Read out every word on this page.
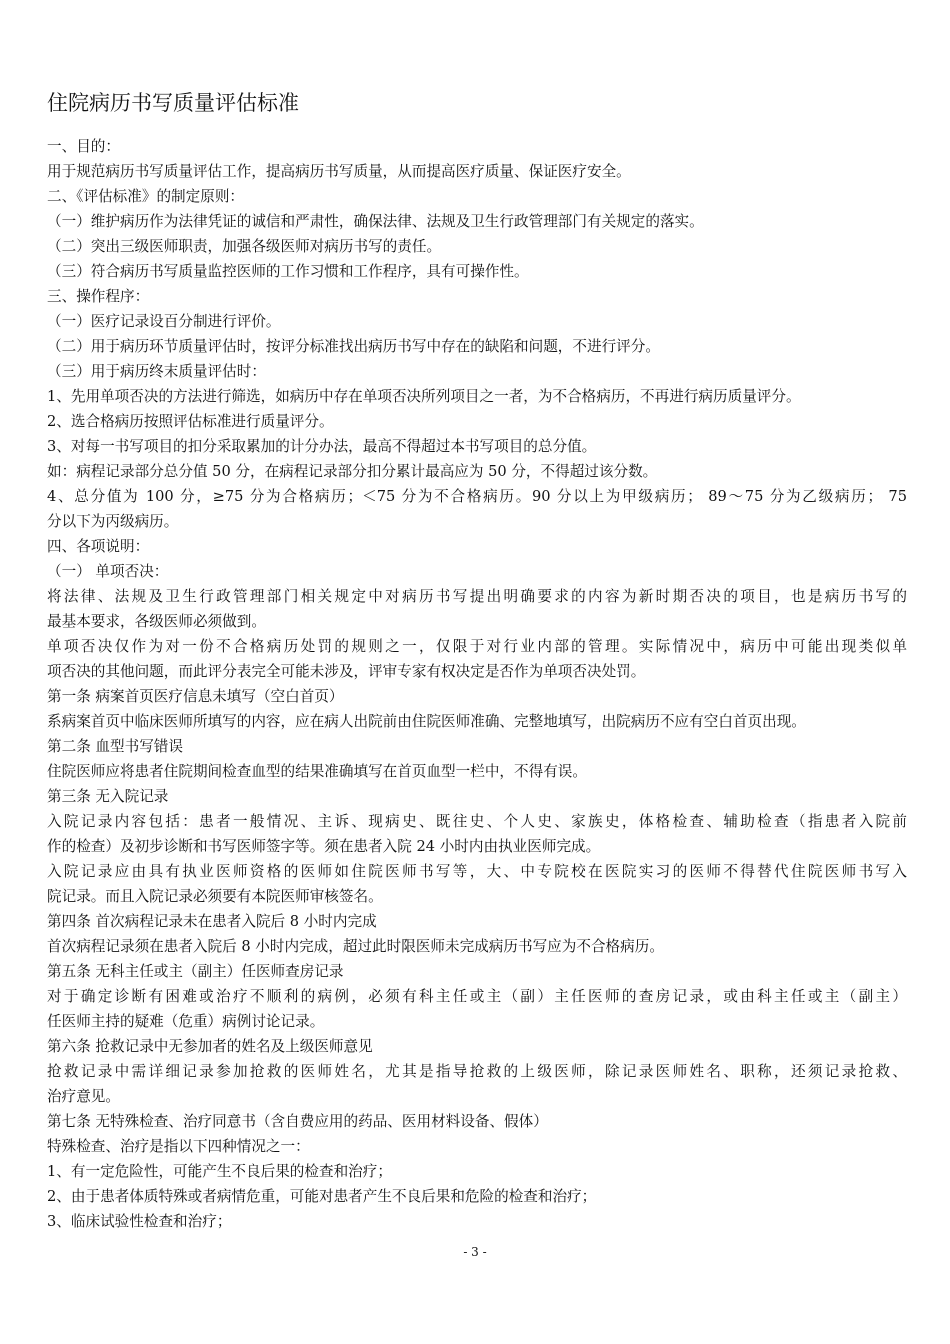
住院病历书写质量评估标准
一、目的：
用于规范病历书写质量评估工作，提高病历书写质量，从而提高医疗质量、保证医疗安全。
二、《评估标准》的制定原则：
（一）维护病历作为法律凭证的诚信和严肃性，确保法律、法规及卫生行政管理部门有关规定的落实。
（二）突出三级医师职责，加强各级医师对病历书写的责任。
（三）符合病历书写质量监控医师的工作习惯和工作程序，具有可操作性。
三、操作程序：
（一）医疗记录设百分制进行评价。
（二）用于病历环节质量评估时，按评分标准找出病历书写中存在的缺陷和问题，不进行评分。
（三）用于病历终末质量评估时：
1、先用单项否决的方法进行筛选，如病历中存在单项否决所列项目之一者，为不合格病历，不再进行病历质量评分。
2、选合格病历按照评估标准进行质量评分。
3、对每一书写项目的扣分采取累加的计分办法，最高不得超过本书写项目的总分值。
如：病程记录部分总分值 50 分，在病程记录部分扣分累计最高应为 50 分，不得超过该分数。
4、总分值为 100 分，≥75 分为合格病历；＜75 分为不合格病历。90 分以上为甲级病历； 89～75 分为乙级病历； 75
分以下为丙级病历。
四、各项说明：
（一） 单项否决：
将法律、法规及卫生行政管理部门相关规定中对病历书写提出明确要求的内容为新时期否决的项目，也是病历书写的
最基本要求，各级医师必须做到。
单项否决仅作为对一份不合格病历处罚的规则之一，仅限于对行业内部的管理。实际情况中，病历中可能出现类似单
项否决的其他问题，而此评分表完全可能未涉及，评审专家有权决定是否作为单项否决处罚。
第一条 病案首页医疗信息未填写（空白首页）
系病案首页中临床医师所填写的内容，应在病人出院前由住院医师准确、完整地填写，出院病历不应有空白首页出现。
第二条 血型书写错误
住院医师应将患者住院期间检查血型的结果准确填写在首页血型一栏中，不得有误。
第三条 无入院记录
入院记录内容包括：患者一般情况、主诉、现病史、既往史、个人史、家族史，体格检查、辅助检查（指患者入院前
作的检查）及初步诊断和书写医师签字等。须在患者入院 24 小时内由执业医师完成。
入院记录应由具有执业医师资格的医师如住院医师书写等，大、中专院校在医院实习的医师不得替代住院医师书写入
院记录。而且入院记录必须要有本院医师审核签名。
第四条 首次病程记录未在患者入院后 8 小时内完成
首次病程记录须在患者入院后 8 小时内完成，超过此时限医师未完成病历书写应为不合格病历。
第五条 无科主任或主（副主）任医师查房记录
对于确定诊断有困难或治疗不顺利的病例，必须有科主任或主（副）主任医师的查房记录，或由科主任或主（副主）
任医师主持的疑难（危重）病例讨论记录。
第六条 抢救记录中无参加者的姓名及上级医师意见
抢救记录中需详细记录参加抢救的医师姓名，尤其是指导抢救的上级医师，除记录医师姓名、职称，还须记录抢救、
治疗意见。
第七条 无特殊检查、治疗同意书（含自费应用的药品、医用材料设备、假体）
特殊检查、治疗是指以下四种情况之一：
1、有一定危险性，可能产生不良后果的检查和治疗；
2、由于患者体质特殊或者病情危重，可能对患者产生不良后果和危险的检查和治疗；
3、临床试验性检查和治疗；
- 3 -
